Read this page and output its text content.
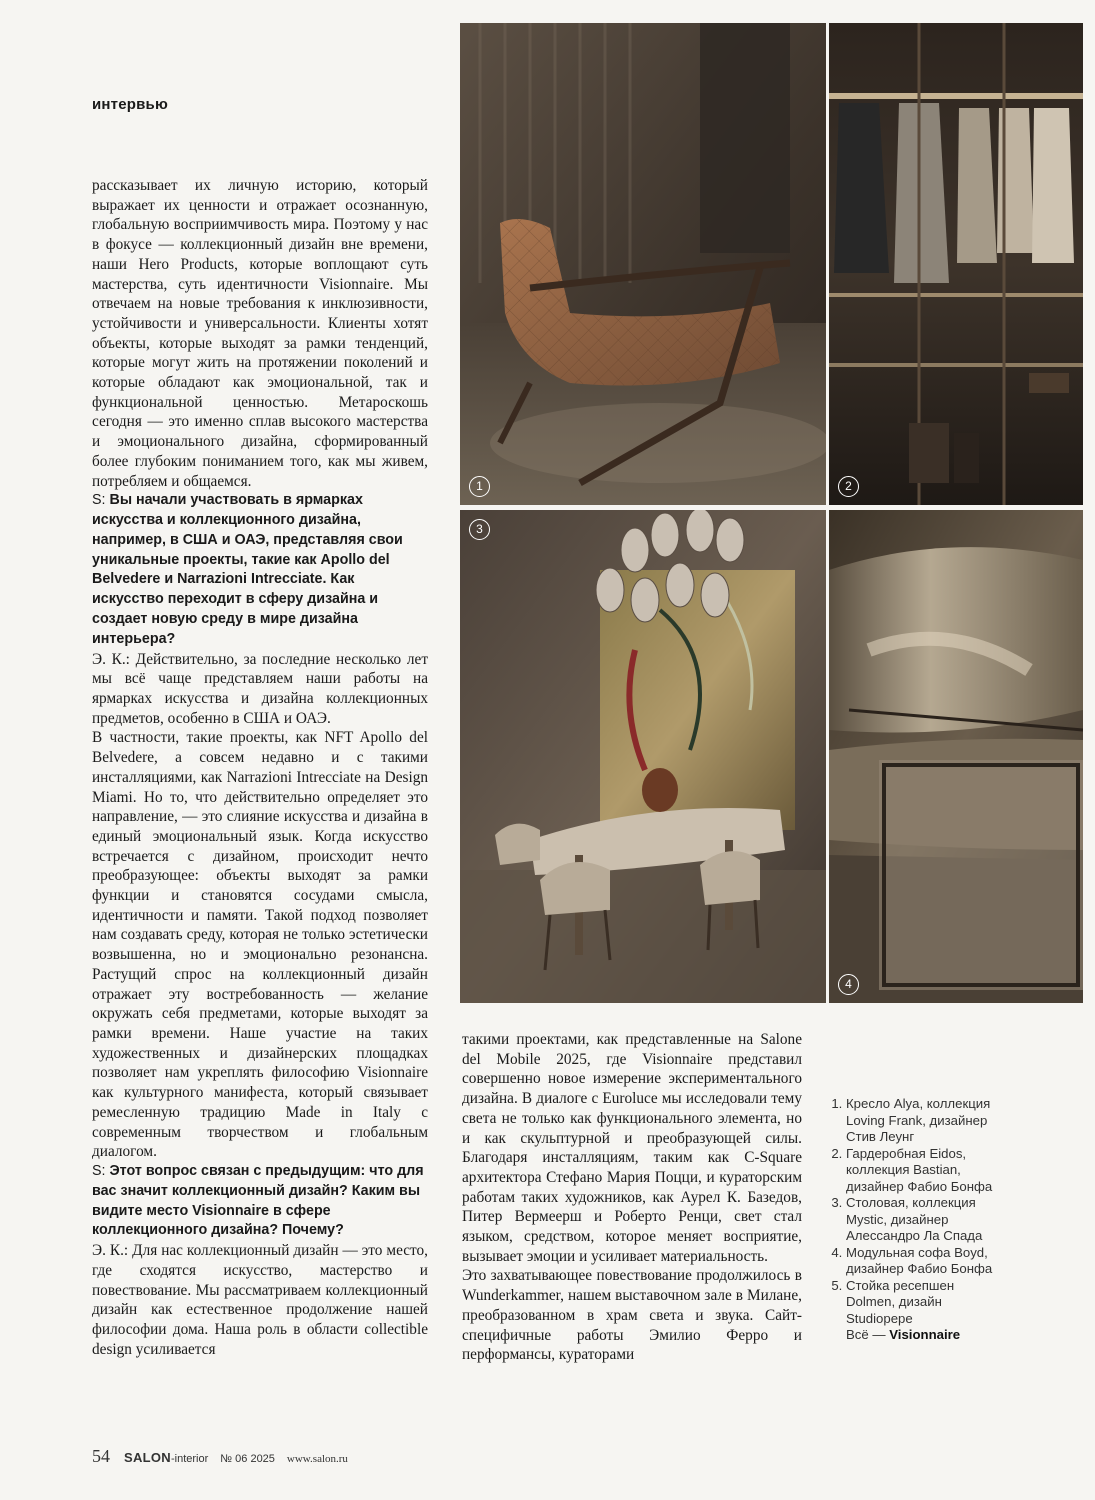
интервью

рассказывает их личную историю, который выражает их ценности и отражает осознанную, глобальную восприимчивость мира. Поэтому у нас в фокусе — коллекционный дизайн вне времени, наши Hero Products, которые воплощают суть мастерства, суть идентичности Visionnaire. Мы отвечаем на новые требования к инклюзивности, устойчивости и универсальности. Клиенты хотят объекты, которые выходят за рамки тенденций, которые могут жить на протяжении поколений и которые обладают как эмоциональной, так и функциональной ценностью. Метароскошь сегодня — это именно сплав высокого мастерства и эмоционального дизайна, сформированный более глубоким пониманием того, как мы живем, потребляем и общаемся.

S: Вы начали участвовать в ярмарках искусства и коллекционного дизайна, например, в США и ОАЭ, представляя свои уникальные проекты, такие как Apollo del Belvedere и Narrazioni Intrecciate. Как искусство переходит в сферу дизайна и создает новую среду в мире дизайна интерьера?

Э. К.: Действительно, за последние несколько лет мы всё чаще представляем наши работы на ярмарках искусства и дизайна коллекционных предметов, особенно в США и ОАЭ.

В частности, такие проекты, как NFT Apollo del Belvedere, а совсем недавно и с такими инсталляциями, как Narrazioni Intrecciate на Design Miami. Но то, что действительно определяет это направление, — это слияние искусства и дизайна в единый эмоциональный язык. Когда искусство встречается с дизайном, происходит нечто преобразующее: объекты выходят за рамки функции и становятся сосудами смысла, идентичности и памяти. Такой подход позволяет нам создавать среду, которая не только эстетически возвышенна, но и эмоционально резонансна. Растущий спрос на коллекционный дизайн отражает эту востребованность — желание окружать себя предметами, которые выходят за рамки времени. Наше участие на таких художественных и дизайнерских площадках позволяет нам укреплять философию Visionnaire как культурного манифеста, который связывает ремесленную традицию Made in Italy с современным творчеством и глобальным диалогом.

S: Этот вопрос связан с предыдущим: что для вас значит коллекционный дизайн? Каким вы видите место Visionnaire в сфере коллекционного дизайна? Почему?

Э. К.: Для нас коллекционный дизайн — это место, где сходятся искусство, мастерство и повествование. Мы рассматриваем коллекционный дизайн как естественное продолжение нашей философии дома. Наша роль в области collectible design усиливается

такими проектами, как представленные на Salone del Mobile 2025, где Visionnaire представил совершенно новое измерение экспериментального дизайна. В диалоге с Euroluce мы исследовали тему света не только как функционального элемента, но и как скульптурной и преобразующей силы. Благодаря инсталляциям, таким как C-Square архитектора Стефано Мария Поцци, и кураторским работам таких художников, как Аурел К. Базедов, Питер Вермеерш и Роберто Ренци, свет стал языком, средством, которое меняет восприятие, вызывает эмоции и усиливает материальность.

Это захватывающее повествование продолжилось в Wunderkammer, нашем выставочном зале в Милане, преобразованном в храм света и звука. Сайт-специфичные работы Эмилио Ферро и перформансы, кураторами

1	2
3
4
1. Кресло Alya, коллекция Loving Frank, дизайнер Стив Леунг
2. Гардеробная Eidos, коллекция Bastian, дизайнер Фабио Бонфа
3. Столовая, коллекция Mystic, дизайнер Алессандро Ла Спада
4. Модульная софа Boyd, дизайнер Фабио Бонфа
5. Стойка ресепшен Dolmen, дизайн Studiopepe
Всё — Visionnaire
54 SALON-interior № 06 2025 www.salon.ru
